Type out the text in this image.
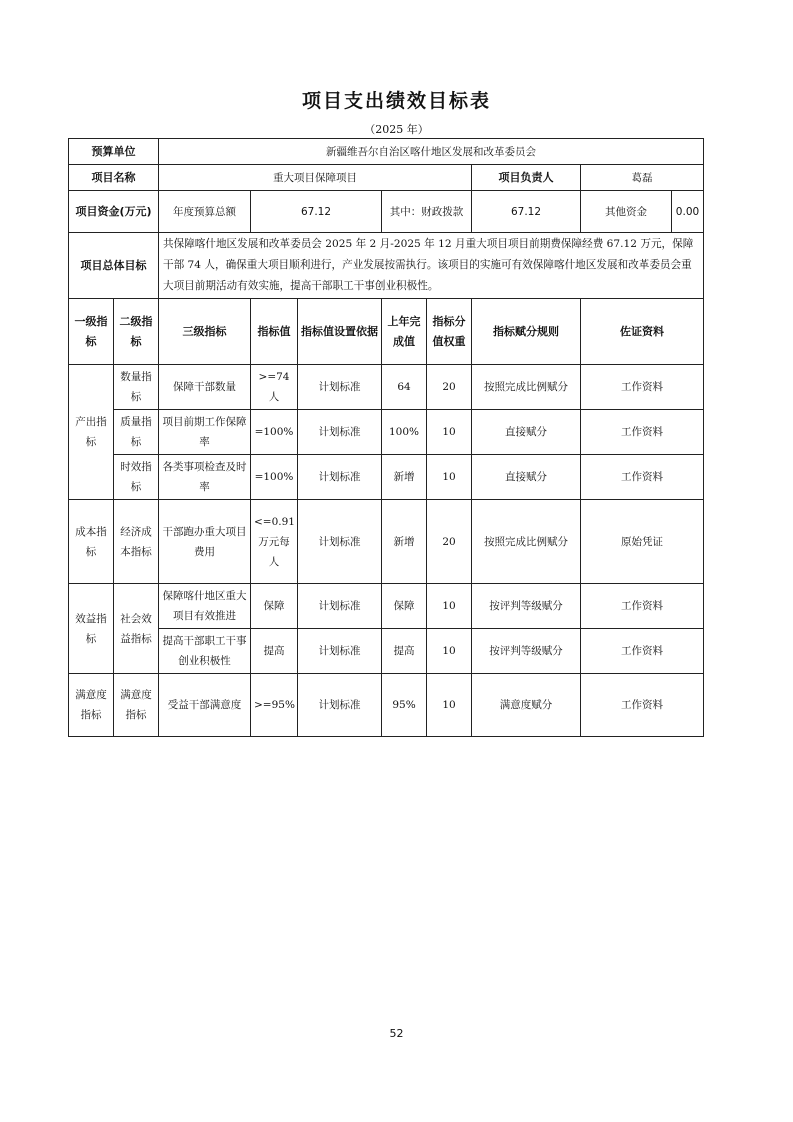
项目支出绩效目标表
（2025 年）
预算单位		新疆维吾尔自治区喀什地区发展和改革委员会							
项目名称		重大项目保障项目					项目负责人	葛磊	
项目资金(万元)		年度预算总额	67.12		其中：财政拨款		67.12	其他资金	0.00
项目总体目标		共保障喀什地区发展和改革委员会 2025 年 2 月-2025 年 12 月重大项目项目前期费保障经费 67.12 万元，保障干部 74 人，确保重大项目顺利进行，产业发展按需执行。该项目的实施可有效保障喀什地区发展和改革委员会重大项目前期活动有效实施，提高干部职工干事创业积极性。							
一级指标	二级指标	三级指标	指标值	指标值设置依据	上年完成值	指标分值权重	指标赋分规则	佐证资料	
产出指标	数量指标	保障干部数量	>=74人	计划标准	64	20	按照完成比例赋分	工作资料	
	质量指标	项目前期工作保障率	=100%	计划标准	100%	10	直接赋分	工作资料	
	时效指标	各类事项检查及时率	=100%	计划标准	新增	10	直接赋分	工作资料	
成本指标	经济成本指标	干部跑办重大项目费用	<=0.91万元每人	计划标准	新增	20	按照完成比例赋分	原始凭证	
效益指标	社会效益指标	保障喀什地区重大项目有效推进	保障	计划标准	保障	10	按评判等级赋分	工作资料	
		提高干部职工干事创业积极性	提高	计划标准	提高	10	按评判等级赋分	工作资料	
满意度指标	满意度指标	受益干部满意度	>=95%	计划标准	95%	10	满意度赋分	工作资料	
52
